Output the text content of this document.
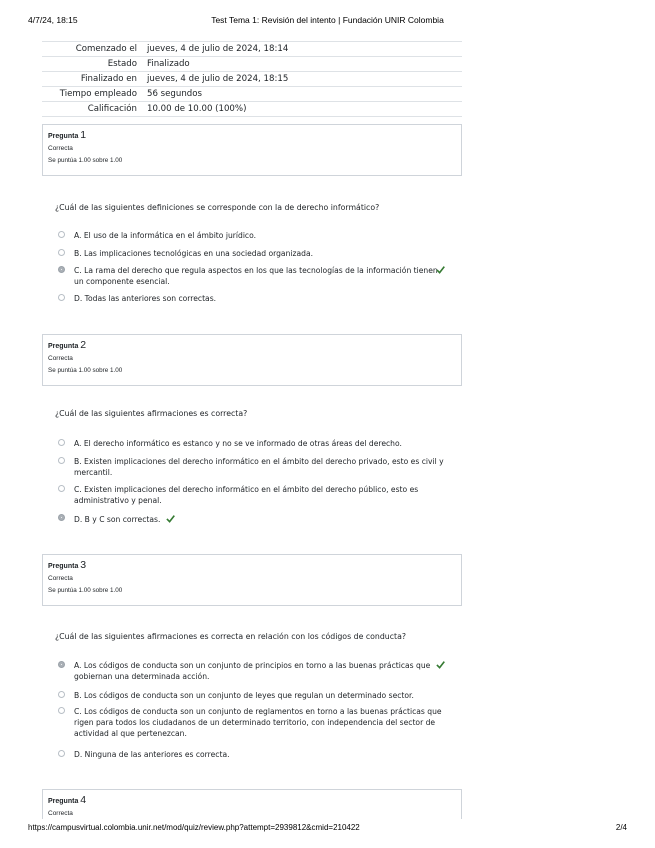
4/7/24, 18:15	Test Tema 1: Revisión del intento | Fundación UNIR Colombia
Comenzado el	jueves, 4 de julio de 2024, 18:14
Estado	Finalizado
Finalizado en	jueves, 4 de julio de 2024, 18:15
Tiempo empleado	56 segundos
Calificación	10.00 de 10.00 (100%)
Pregunta 1
Correcta
Se puntúa 1.00 sobre 1.00
¿Cuál de las siguientes definiciones se corresponde con la de derecho informático?
A. El uso de la informática en el ámbito jurídico.
B. Las implicaciones tecnológicas en una sociedad organizada.
C. La rama del derecho que regula aspectos en los que las tecnologías de la información tienen
un componente esencial.
D. Todas las anteriores son correctas.
Pregunta 2
Correcta
Se puntúa 1.00 sobre 1.00
¿Cuál de las siguientes afirmaciones es correcta?
A. El derecho informático es estanco y no se ve informado de otras áreas del derecho.
B. Existen implicaciones del derecho informático en el ámbito del derecho privado, esto es civil y
mercantil.
C. Existen implicaciones del derecho informático en el ámbito del derecho público, esto es
administrativo y penal.
D. B y C son correctas.
Pregunta 3
Correcta
Se puntúa 1.00 sobre 1.00
¿Cuál de las siguientes afirmaciones es correcta en relación con los códigos de conducta?
A. Los códigos de conducta son un conjunto de principios en torno a las buenas prácticas que
gobiernan una determinada acción.
B. Los códigos de conducta son un conjunto de leyes que regulan un determinado sector.
C. Los códigos de conducta son un conjunto de reglamentos en torno a las buenas prácticas que
rigen para todos los ciudadanos de un determinado territorio, con independencia del sector de
actividad al que pertenezcan.
D. Ninguna de las anteriores es correcta.
Pregunta 4
Correcta
https://campusvirtual.colombia.unir.net/mod/quiz/review.php?attempt=2939812&cmid=210422	2/4
